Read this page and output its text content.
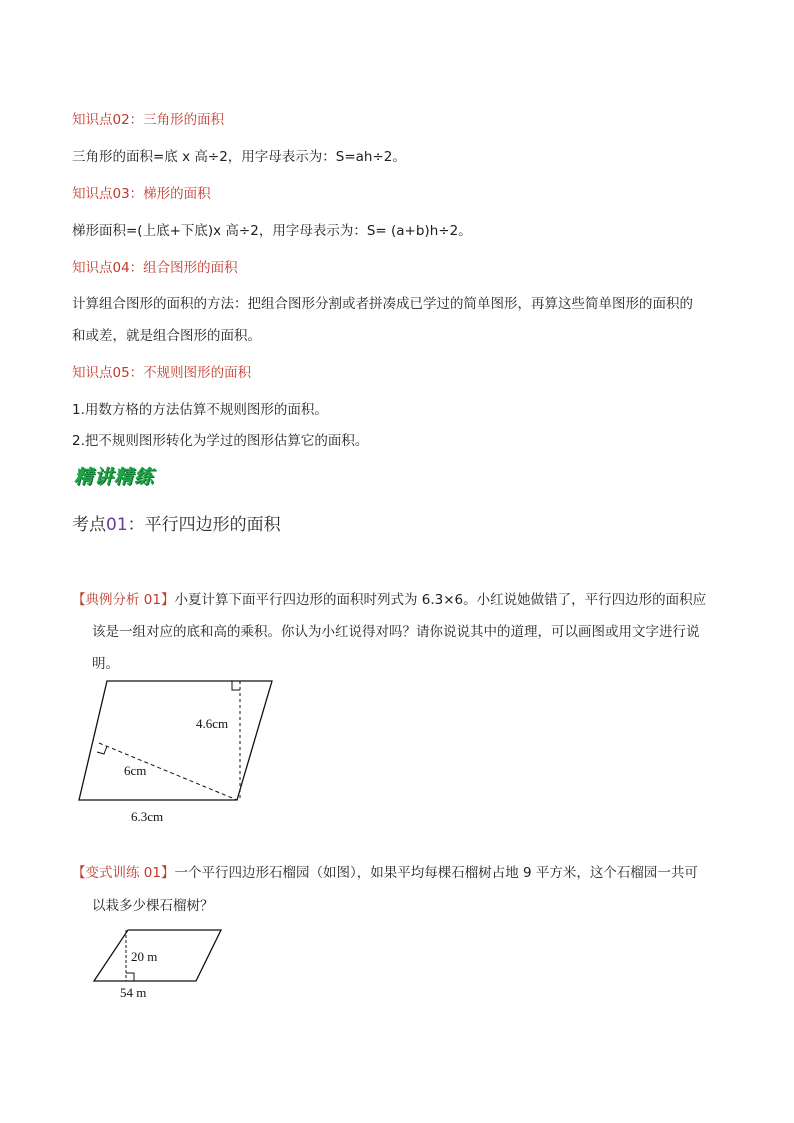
知识点02：三角形的面积
三角形的面积=底 x 高÷2，用字母表示为：S=ah÷2。
知识点03：梯形的面积
梯形面积=(上底+下底)x 高÷2，用字母表示为：S= (a+b)h÷2。
知识点04：组合图形的面积
计算组合图形的面积的方法：把组合图形分割或者拼凑成已学过的简单图形，再算这些简单图形的面积的
和或差，就是组合图形的面积。
知识点05：不规则图形的面积
1.用数方格的方法估算不规则图形的面积。
2.把不规则图形转化为学过的图形估算它的面积。
精讲精练
考点01：平行四边形的面积
【典例分析 01】小夏计算下面平行四边形的面积时列式为 6.3×6。小红说她做错了，平行四边形的面积应
该是一组对应的底和高的乘积。你认为小红说得对吗？请你说说其中的道理，可以画图或用文字进行说
明。
4.6cm
6cm
6.3cm
【变式训练 01】一个平行四边形石榴园（如图），如果平均每棵石榴树占地 9 平方米，这个石榴园一共可
以栽多少棵石榴树？
20 m
54 m
